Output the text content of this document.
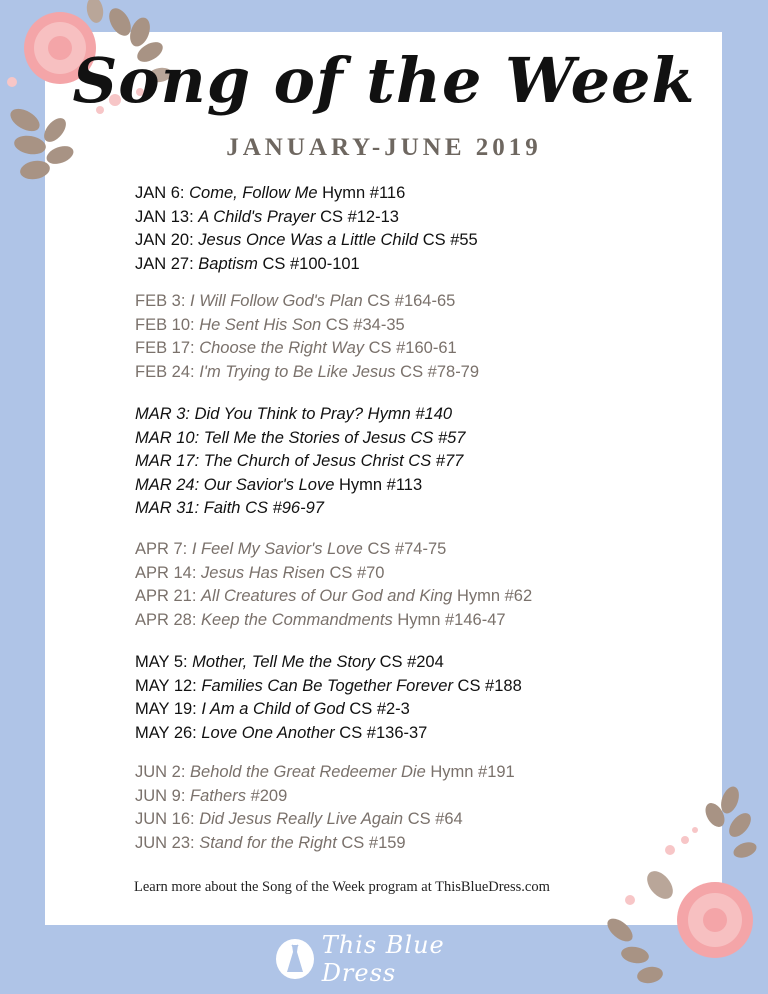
Song of the Week
JANUARY-JUNE 2019
JAN 6: Come, Follow Me Hymn #116
JAN 13: A Child's Prayer CS #12-13
JAN 20: Jesus Once Was a Little Child CS #55
JAN 27: Baptism CS #100-101
FEB 3: I Will Follow God's Plan CS #164-65
FEB 10: He Sent His Son CS #34-35
FEB 17: Choose the Right Way CS #160-61
FEB 24: I'm Trying to Be Like Jesus CS #78-79
MAR 3: Did You Think to Pray? Hymn #140
MAR 10: Tell Me the Stories of Jesus CS #57
MAR 17: The Church of Jesus Christ CS #77
MAR 24: Our Savior's Love Hymn #113
MAR 31: Faith CS #96-97
APR 7: I Feel My Savior's Love CS #74-75
APR 14: Jesus Has Risen CS #70
APR 21: All Creatures of Our God and King Hymn #62
APR 28: Keep the Commandments Hymn #146-47
MAY 5: Mother, Tell Me the Story CS #204
MAY 12: Families Can Be Together Forever CS #188
MAY 19: I Am a Child of God CS #2-3
MAY 26: Love One Another CS #136-37
JUN 2: Behold the Great Redeemer Die Hymn #191
JUN 9: Fathers #209
JUN 16: Did Jesus Really Live Again CS #64
JUN 23: Stand for the Right CS #159

Learn more about the Song of the Week program at ThisBlueDress.com

This Blue Dress
